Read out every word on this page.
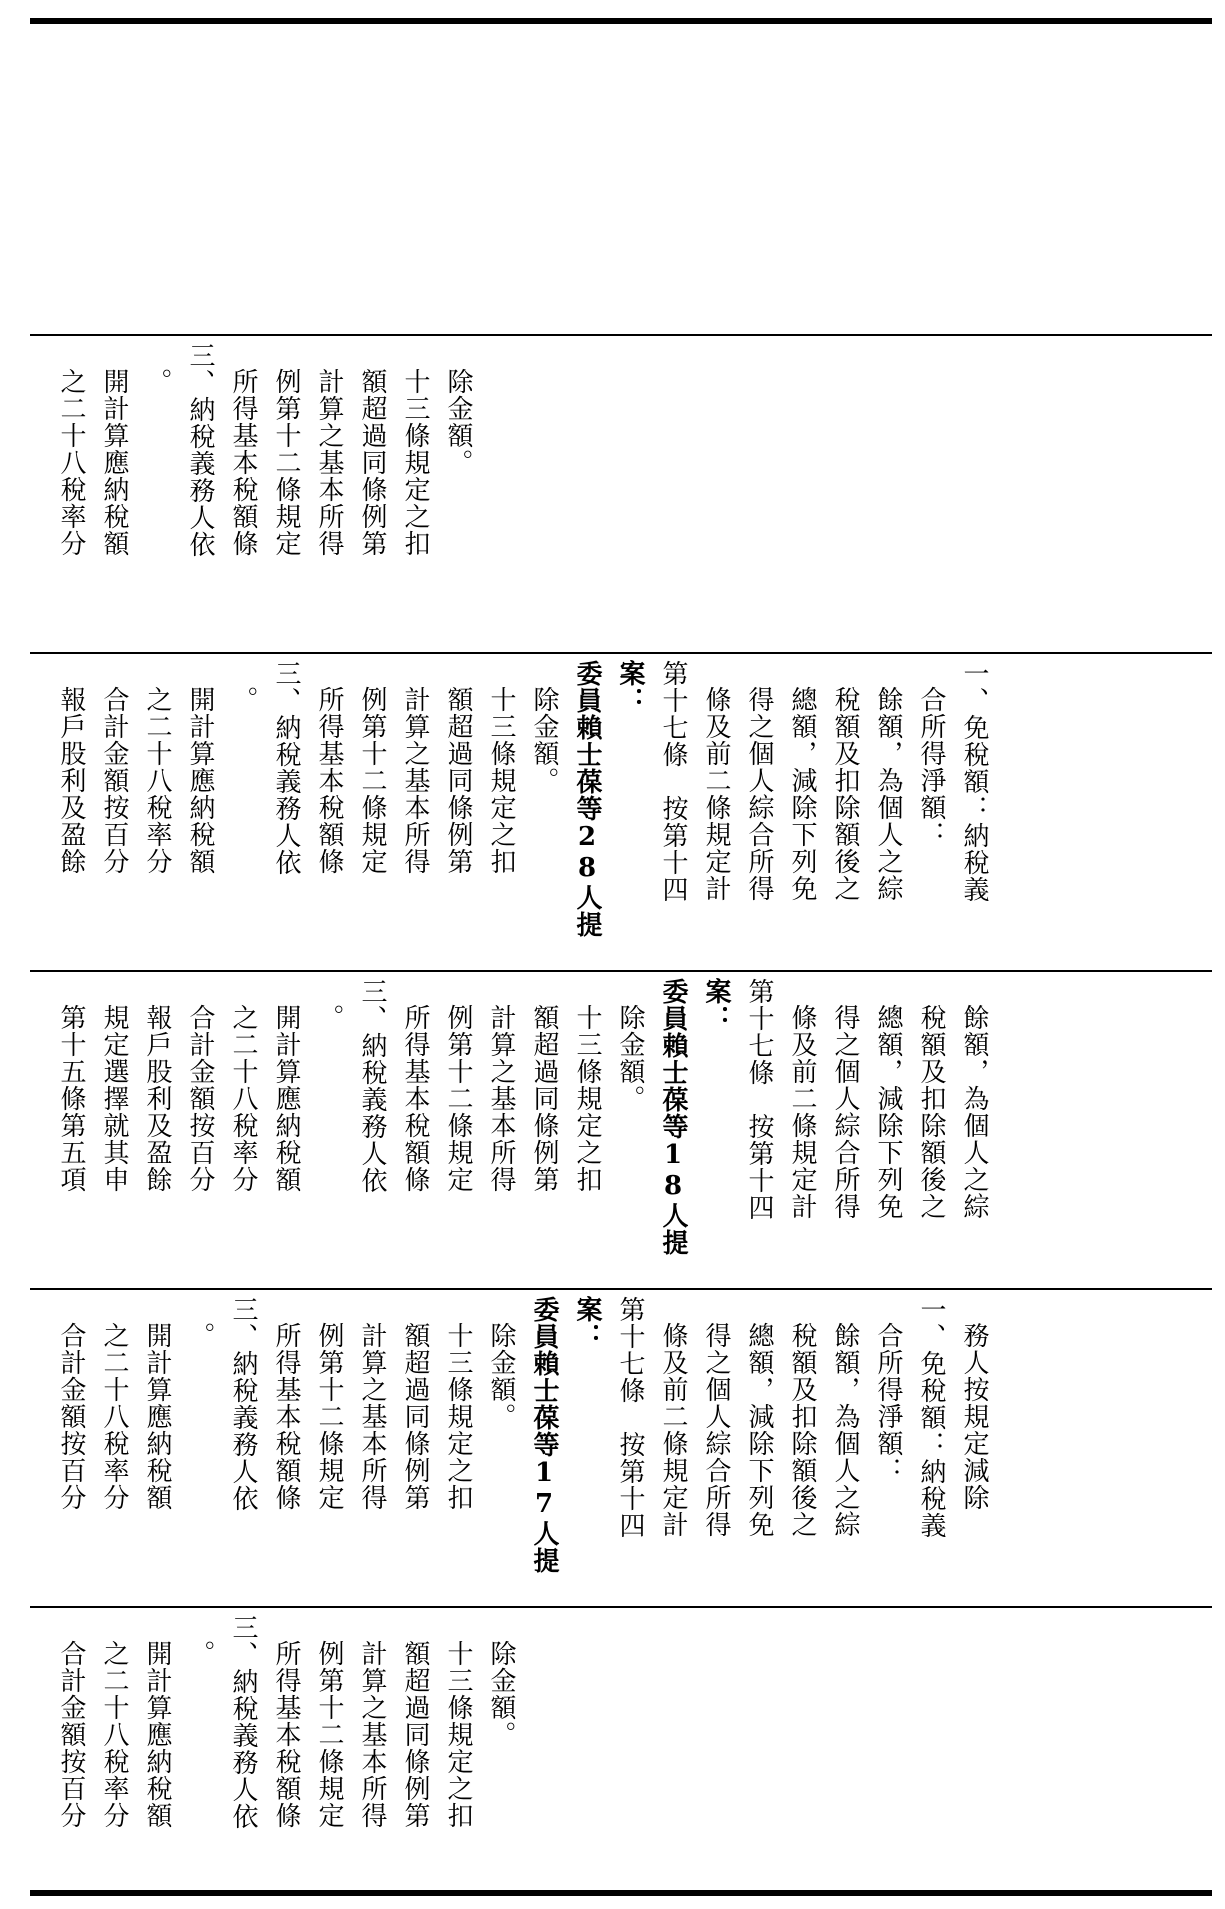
之二十八稅率分 開計算應納稅額 。 三、納稅義務人依 所得基本稅額條 例第十二條規定 計算之基本所得 額超過同條例第 十三條規定之扣 除金額。
報戶股利及盈餘 合計金額按百分 之二十八稅率分 開計算應納稅額 。 三、納稅義務人依 所得基本稅額條 例第十二條規定 計算之基本所得 額超過同條例第 十三條規定之扣 除金額。 委員賴士葆等28人提 案： 第十七條　按第十四 條及前二條規定計 得之個人綜合所得 總額，減除下列免 稅額及扣除額後之 餘額，為個人之綜 合所得淨額： 一、免稅額：納稅義
第十五條第五項 規定選擇就其申 報戶股利及盈餘 合計金額按百分 之二十八稅率分 開計算應納稅額 。 三、納稅義務人依 所得基本稅額條 例第十二條規定 計算之基本所得 額超過同條例第 十三條規定之扣 除金額。 委員賴士葆等18人提 案： 第十七條　按第十四 條及前二條規定計 得之個人綜合所得 總額，減除下列免 稅額及扣除額後之 餘額，為個人之綜
合計金額按百分 之二十八稅率分 開計算應納稅額 。 三、納稅義務人依 所得基本稅額條 例第十二條規定 計算之基本所得 額超過同條例第 十三條規定之扣 除金額。 委員賴士葆等17人提 案： 第十七條　按第十四 條及前二條規定計 得之個人綜合所得 總額，減除下列免 稅額及扣除額後之 餘額，為個人之綜 合所得淨額： 一、免稅額：納稅義 務人按規定減除
合計金額按百分 之二十八稅率分 開計算應納稅額 。 三、納稅義務人依 所得基本稅額條 例第十二條規定 計算之基本所得 額超過同條例第 十三條規定之扣 除金額。
